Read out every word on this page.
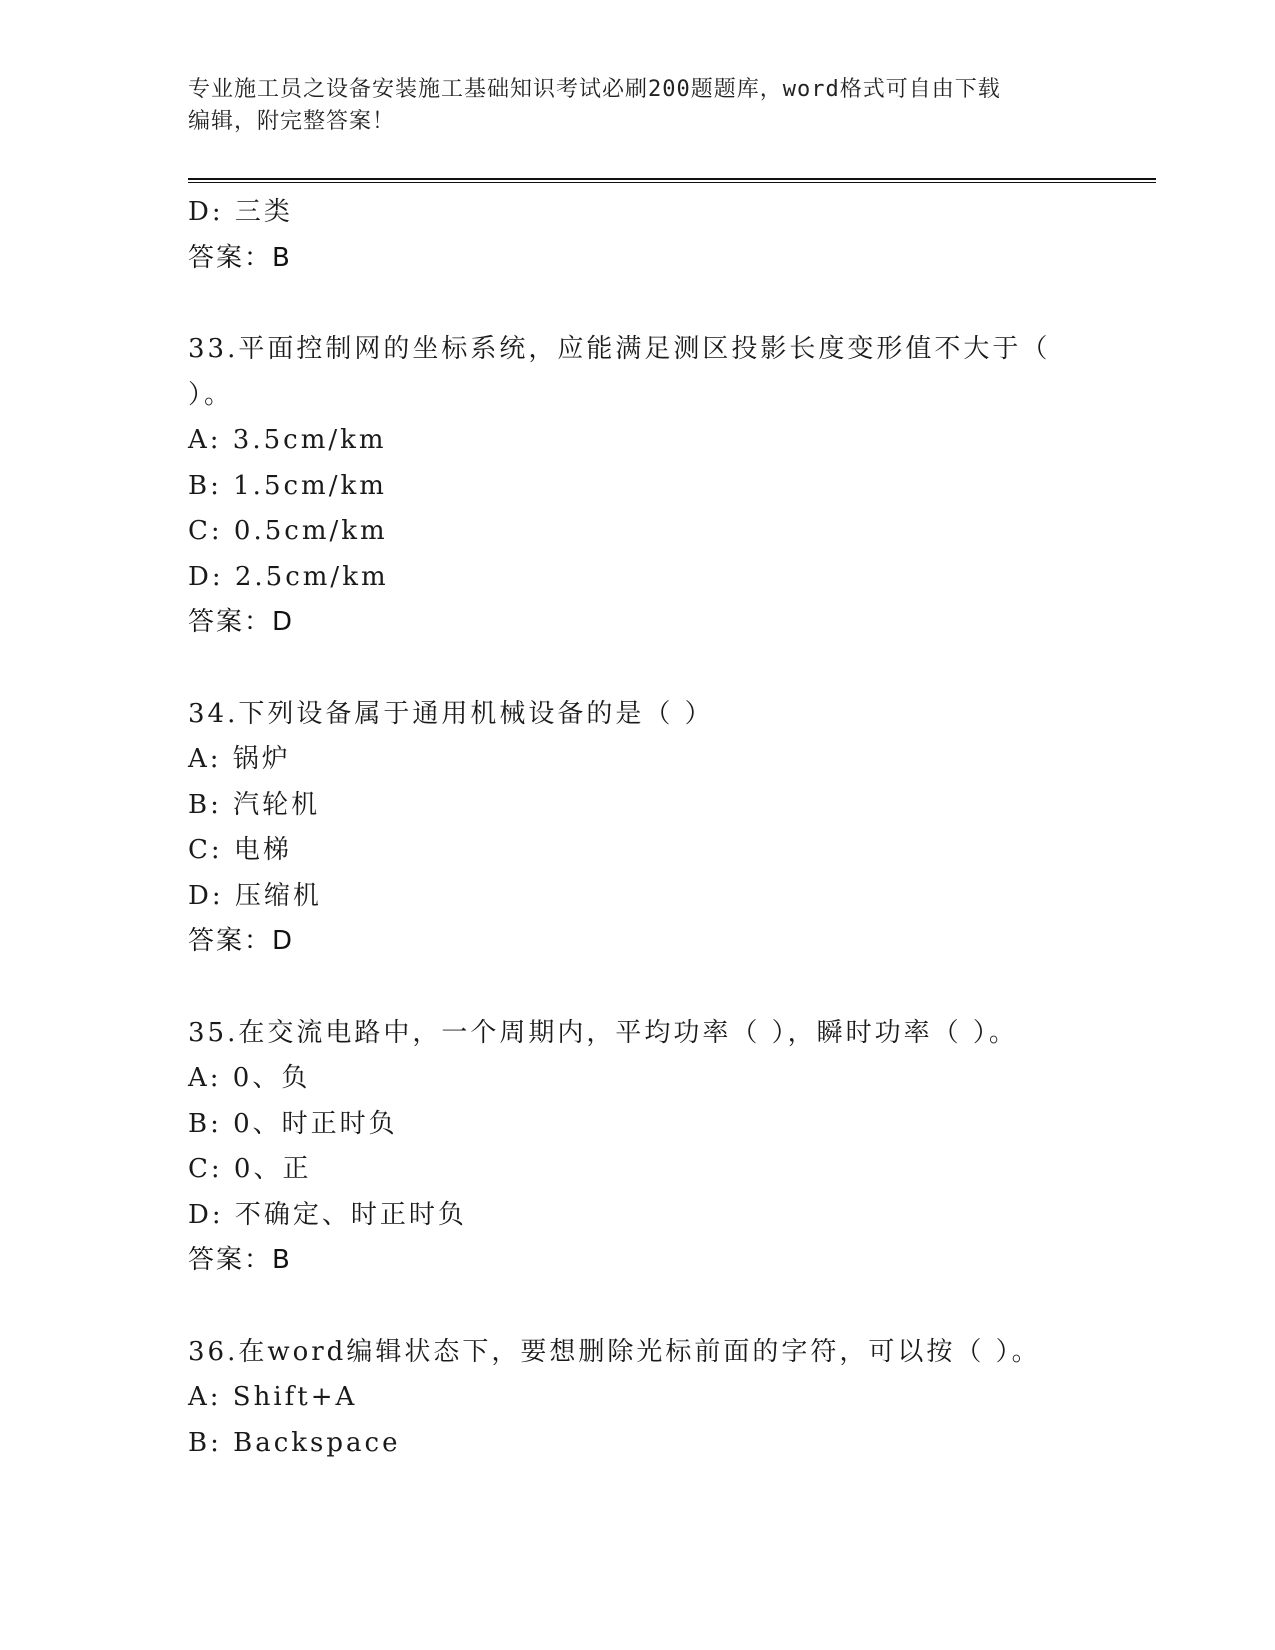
专业施工员之设备安装施工基础知识考试必刷200题题库，word格式可自由下载
编辑，附完整答案！
D: 三类
答案：B
33.平面控制网的坐标系统，应能满足测区投影长度变形值不大于（
）。
A: 3.5cm/km
B: 1.5cm/km
C: 0.5cm/km
D: 2.5cm/km
答案：D
34.下列设备属于通用机械设备的是（ ）
A: 锅炉
B: 汽轮机
C: 电梯
D: 压缩机
答案：D
35.在交流电路中，一个周期内，平均功率（ ），瞬时功率（ ）。
A: 0、负
B: 0、时正时负
C: 0、正
D: 不确定、时正时负
答案：B
36.在word编辑状态下，要想删除光标前面的字符，可以按（ ）。
A: Shift+A
B: Backspace
